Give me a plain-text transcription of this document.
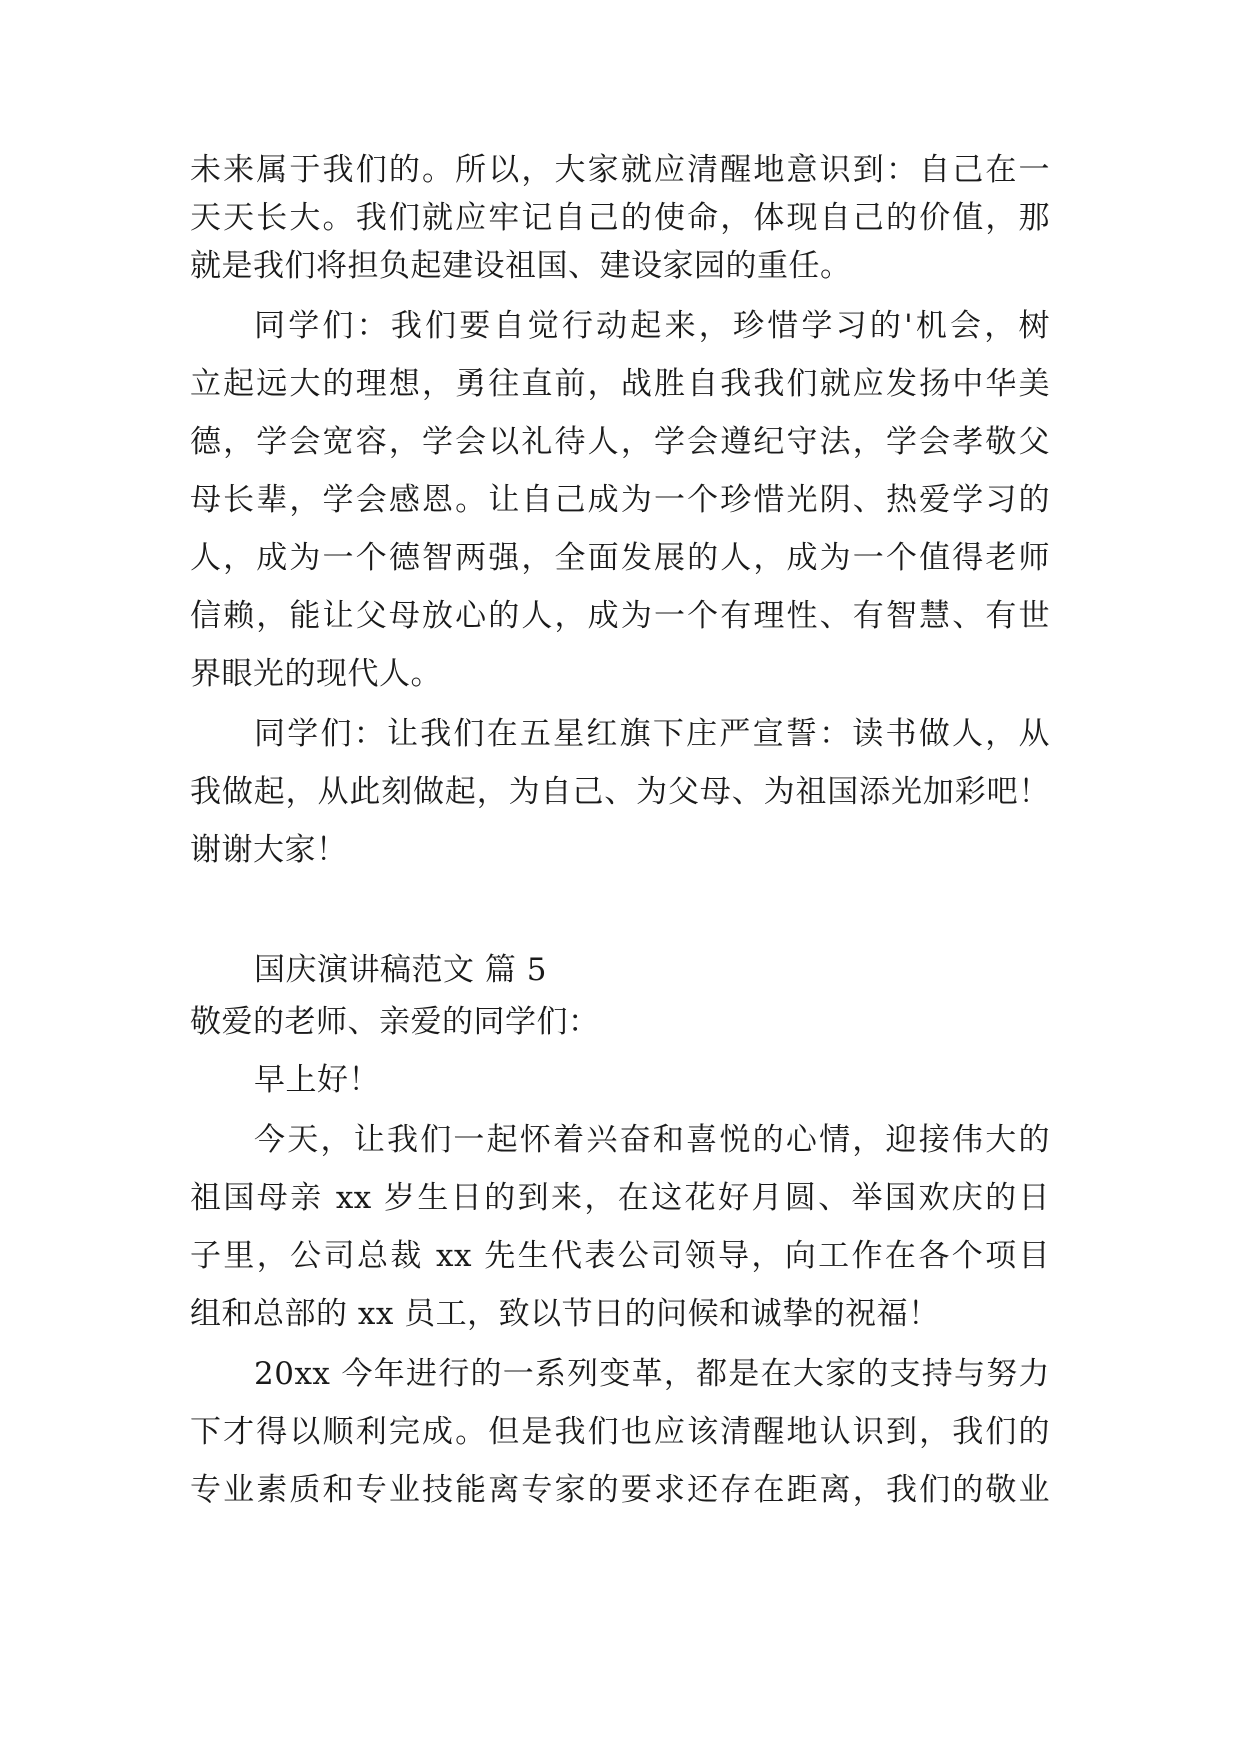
未来属于我们的。所以，大家就应清醒地意识到：自己在一
天天长大。我们就应牢记自己的使命，体现自己的价值，那
就是我们将担负起建设祖国、建设家园的重任。
同学们：我们要自觉行动起来，珍惜学习的'机会，树
立起远大的理想，勇往直前，战胜自我我们就应发扬中华美
德，学会宽容，学会以礼待人，学会遵纪守法，学会孝敬父
母长辈，学会感恩。让自己成为一个珍惜光阴、热爱学习的
人，成为一个德智两强，全面发展的人，成为一个值得老师
信赖，能让父母放心的人，成为一个有理性、有智慧、有世
界眼光的现代人。
同学们：让我们在五星红旗下庄严宣誓：读书做人，从
我做起，从此刻做起，为自己、为父母、为祖国添光加彩吧！
谢谢大家！
国庆演讲稿范文 篇 5
敬爱的老师、亲爱的同学们：
早上好！
今天，让我们一起怀着兴奋和喜悦的心情，迎接伟大的
祖国母亲 xx 岁生日的到来，在这花好月圆、举国欢庆的日
子里，公司总裁 xx 先生代表公司领导，向工作在各个项目
组和总部的 xx 员工，致以节日的问候和诚挚的祝福！
20xx 今年进行的一系列变革，都是在大家的支持与努力
下才得以顺利完成。但是我们也应该清醒地认识到，我们的
专业素质和专业技能离专家的要求还存在距离，我们的敬业
